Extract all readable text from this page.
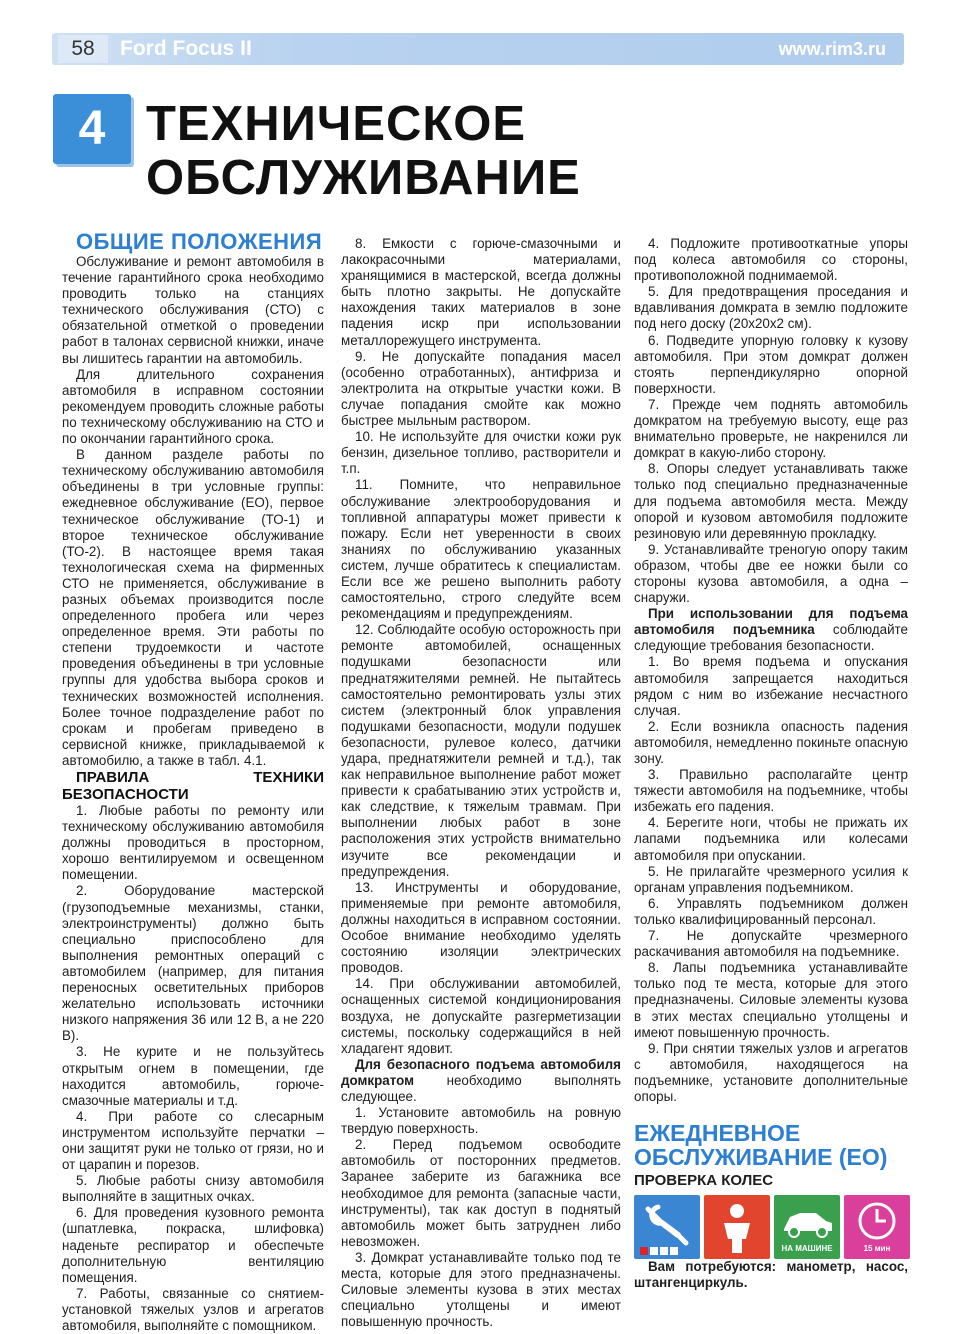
58	Ford Focus II	www.rim3.ru
4 ТЕХНИЧЕСКОЕ
ОБСЛУЖИВАНИЕ

ОБЩИЕ ПОЛОЖЕНИЯ

Обслуживание и ремонт автомобиля в течение гарантийного срока необходимо проводить только на станциях технического обслуживания (СТО) с обязательной отметкой о проведении работ в талонах сервисной книжки, иначе вы лишитесь гарантии на автомобиль.

Для длительного сохранения автомобиля в исправном состоянии рекомендуем проводить сложные работы по техническому обслуживанию на СТО и по окончании гарантийного срока.

В данном разделе работы по техническому обслуживанию автомобиля объединены в три условные группы: ежедневное обслуживание (ЕО), первое техническое обслуживание (ТО-1) и второе техническое обслуживание (ТО-2). В настоящее время такая технологическая схема на фирменных СТО не применяется, обслуживание в разных объемах производится после определенного пробега или через определенное время. Эти работы по степени трудоемкости и частоте проведения объединены в три условные группы для удобства выбора сроков и технических возможностей исполнения. Более точное подразделение работ по срокам и пробегам приведено в сервисной книжке, прикладываемой к автомобилю, а также в табл. 4.1.

ПРАВИЛА ТЕХНИКИ БЕЗОПАСНОСТИ

1. Любые работы по ремонту или техническому обслуживанию автомобиля должны проводиться в просторном, хорошо вентилируемом и освещенном помещении.

2. Оборудование мастерской (грузоподъемные механизмы, станки, электроинструменты) должно быть специально приспособлено для выполнения ремонтных операций с автомобилем (например, для питания переносных осветительных приборов желательно использовать источники низкого напряжения 36 или 12 В, а не 220 В).

3. Не курите и не пользуйтесь открытым огнем в помещении, где находится автомобиль, горюче-смазочные материалы и т.д.

4. При работе со слесарным инструментом используйте перчатки – они защитят руки не только от грязи, но и от царапин и порезов.

5. Любые работы снизу автомобиля выполняйте в защитных очках.

6. Для проведения кузовного ремонта (шпатлевка, покраска, шлифовка) наденьте респиратор и обеспечьте дополнительную вентиляцию помещения.

7. Работы, связанные со снятием-установкой тяжелых узлов и агрегатов автомобиля, выполняйте с помощником.

8. Емкости с горюче-смазочными и лакокрасочными материалами, хранящимися в мастерской, всегда должны быть плотно закрыты. Не допускайте нахождения таких материалов в зоне падения искр при использовании металлорежущего инструмента.

9. Не допускайте попадания масел (особенно отработанных), антифриза и электролита на открытые участки кожи. В случае попадания смойте как можно быстрее мыльным раствором.

10. Не используйте для очистки кожи рук бензин, дизельное топливо, растворители и т.п.

11. Помните, что неправильное обслуживание электрооборудования и топливной аппаратуры может привести к пожару. Если нет уверенности в своих знаниях по обслуживанию указанных систем, лучше обратитесь к специалистам. Если все же решено выполнить работу самостоятельно, строго следуйте всем рекомендациям и предупреждениям.

12. Соблюдайте особую осторожность при ремонте автомобилей, оснащенных подушками безопасности или преднатяжителями ремней. Не пытайтесь самостоятельно ремонтировать узлы этих систем (электронный блок управления подушками безопасности, модули подушек безопасности, рулевое колесо, датчики удара, преднатяжители ремней и т.д.), так как неправильное выполнение работ может привести к срабатыванию этих устройств и, как следствие, к тяжелым травмам. При выполнении любых работ в зоне расположения этих устройств внимательно изучите все рекомендации и предупреждения.

13. Инструменты и оборудование, применяемые при ремонте автомобиля, должны находиться в исправном состоянии. Особое внимание необходимо уделять состоянию изоляции электрических проводов.

14. При обслуживании автомобилей, оснащенных системой кондиционирования воздуха, не допускайте разгерметизации системы, поскольку содержащийся в ней хладагент ядовит.

Для безопасного подъема автомобиля домкратом необходимо выполнять следующее.

1. Установите автомобиль на ровную твердую поверхность.

2. Перед подъемом освободите автомобиль от посторонних предметов. Заранее заберите из багажника все необходимое для ремонта (запасные части, инструменты), так как доступ в поднятый автомобиль может быть затруднен либо невозможен.

3. Домкрат устанавливайте только под те места, которые для этого предназначены. Силовые элементы кузова в этих местах специально утолщены и имеют повышенную прочность.

4. Подложите противооткатные упоры под колеса автомобиля со стороны, противоположной поднимаемой.

5. Для предотвращения проседания и вдавливания домкрата в землю подложите под него доску (20х20х2 см).

6. Подведите упорную головку к кузову автомобиля. При этом домкрат должен стоять перпендикулярно опорной поверхности.

7. Прежде чем поднять автомобиль домкратом на требуемую высоту, еще раз внимательно проверьте, не накренился ли домкрат в какую-либо сторону.

8. Опоры следует устанавливать также только под специально предназначенные для подъема автомобиля места. Между опорой и кузовом автомобиля подложите резиновую или деревянную прокладку.

9. Устанавливайте треногую опору таким образом, чтобы две ее ножки были со стороны кузова автомобиля, а одна – снаружи.

При использовании для подъема автомобиля подъемника соблюдайте следующие требования безопасности.

1. Во время подъема и опускания автомобиля запрещается находиться рядом с ним во избежание несчастного случая.

2. Если возникла опасность падения автомобиля, немедленно покиньте опасную зону.

3. Правильно располагайте центр тяжести автомобиля на подъемнике, чтобы избежать его падения.

4. Берегите ноги, чтобы не прижать их лапами подъемника или колесами автомобиля при опускании.

5. Не прилагайте чрезмерного усилия к органам управления подъемником.

6. Управлять подъемником должен только квалифицированный персонал.

7. Не допускайте чрезмерного раскачивания автомобиля на подъемнике.

8. Лапы подъемника устанавливайте только под те места, которые для этого предназначены. Силовые элементы кузова в этих местах специально утолщены и имеют повышенную прочность.

9. При снятии тяжелых узлов и агрегатов с автомобиля, находящегося на подъемнике, установите дополнительные опоры.

ЕЖЕДНЕВНОЕ
ОБСЛУЖИВАНИЕ (ЕО)
ПРОВЕРКА КОЛЕС
НА МАШИНЕ	15 мин

Вам потребуются: манометр, насос, штангенциркуль.
